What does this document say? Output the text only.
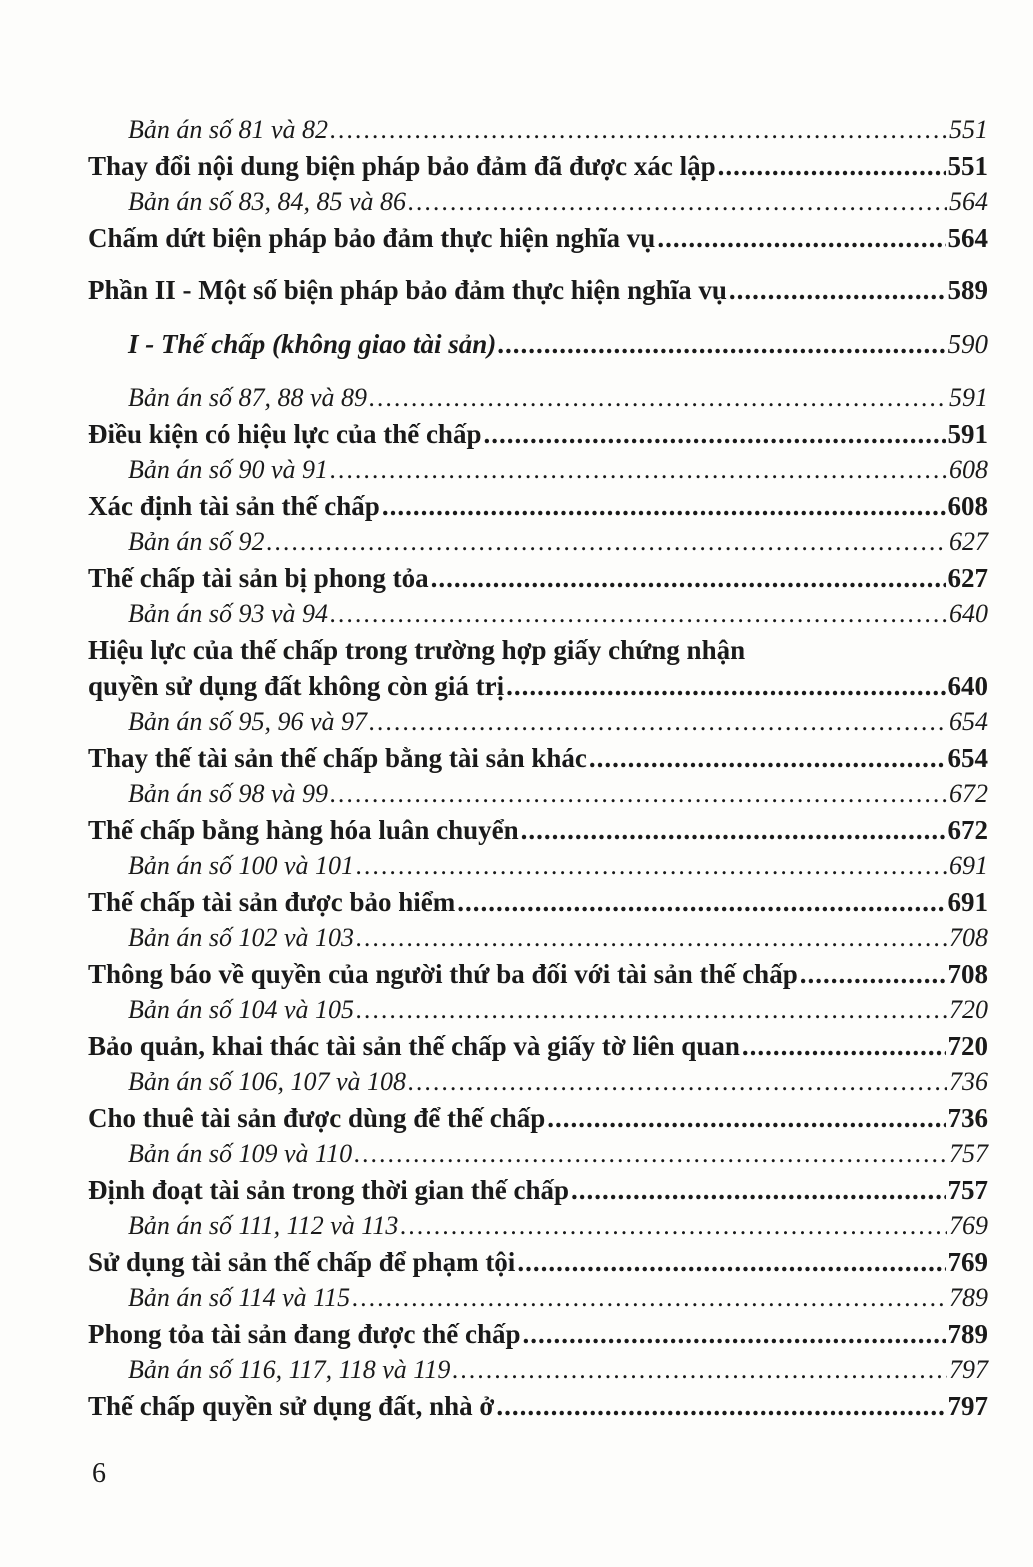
Bản án số 81 và 82 .....	551
Thay đổi nội dung biện pháp bảo đảm đã được xác lập .....	551
Bản án số 83, 84, 85 và 86 .....	564
Chấm dứt biện pháp bảo đảm thực hiện nghĩa vụ .....	564
Phần II - Một số biện pháp bảo đảm thực hiện nghĩa vụ .....	589
I - Thế chấp (không giao tài sản) .....	590
Bản án số 87, 88 và 89 .....	591
Điều kiện có hiệu lực của thế chấp .....	591
Bản án số 90 và 91 .....	608
Xác định tài sản thế chấp .....	608
Bản án số 92 .....	627
Thế chấp tài sản bị phong tỏa .....	627
Bản án số 93 và 94 .....	640
Hiệu lực của thế chấp trong trường hợp giấy chứng nhận
quyền sử dụng đất không còn giá trị .....	640
Bản án số 95, 96 và 97 .....	654
Thay thế tài sản thế chấp bằng tài sản khác .....	654
Bản án số 98 và 99 .....	672
Thế chấp bằng hàng hóa luân chuyển .....	672
Bản án số 100 và 101 .....	691
Thế chấp tài sản được bảo hiểm .....	691
Bản án số 102 và 103 .....	708
Thông báo về quyền của người thứ ba đối với tài sản thế chấp .....	708
Bản án số 104 và 105 .....	720
Bảo quản, khai thác tài sản thế chấp và giấy tờ liên quan .....	720
Bản án số 106, 107 và 108 .....	736
Cho thuê tài sản được dùng để thế chấp .....	736
Bản án số 109 và 110 .....	757
Định đoạt tài sản trong thời gian thế chấp .....	757
Bản án số 111, 112 và 113 .....	769
Sử dụng tài sản thế chấp để phạm tội .....	769
Bản án số 114 và 115 .....	789
Phong tỏa tài sản đang được thế chấp .....	789
Bản án số 116, 117, 118 và 119 .....	797
Thế chấp quyền sử dụng đất, nhà ở .....	797
6
